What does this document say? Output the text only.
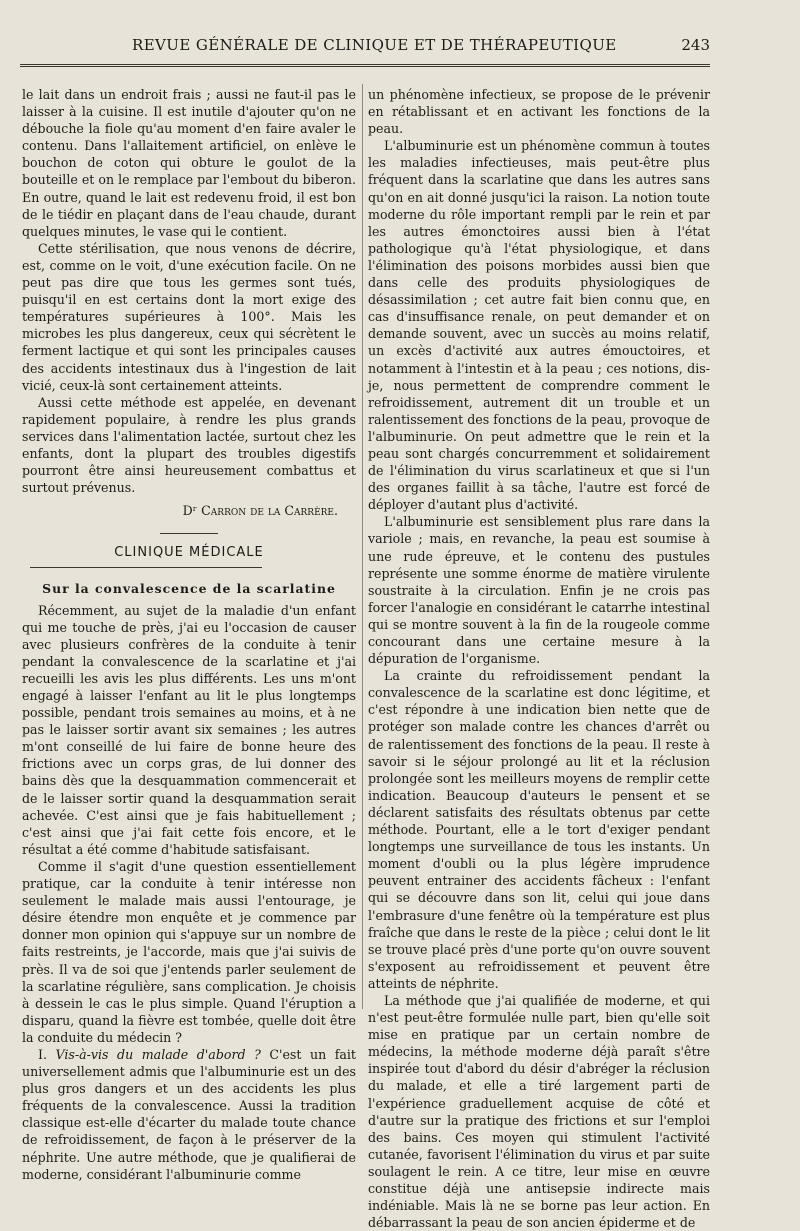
REVUE GÉNÉRALE DE CLINIQUE ET DE THÉRAPEUTIQUE	243

le lait dans un endroit frais ; aussi ne faut-il pas le laisser à la cuisine. Il est inutile d'ajouter qu'on ne débouche la fiole qu'au moment d'en faire avaler le contenu. Dans l'allaitement artificiel, on enlève le bouchon de coton qui obture le goulot de la bouteille et on le remplace par l'embout du biberon. En outre, quand le lait est redevenu froid, il est bon de le tiédir en plaçant dans de l'eau chaude, durant quelques minutes, le vase qui le contient.

Cette stérilisation, que nous venons de décrire, est, comme on le voit, d'une exécution facile. On ne peut pas dire que tous les germes sont tués, puisqu'il en est certains dont la mort exige des températures supérieures à 100°. Mais les microbes les plus dangereux, ceux qui sécrètent le ferment lactique et qui sont les principales causes des accidents intestinaux dus à l'ingestion de lait vicié, ceux-là sont certainement atteints.

Aussi cette méthode est appelée, en devenant rapidement populaire, à rendre les plus grands services dans l'alimentation lactée, surtout chez les enfants, dont la plupart des troubles digestifs pourront être ainsi heureusement combattus et surtout prévenus.

Dʳ Carron de la Carrère.
CLINIQUE MÉDICALE
Sur la convalescence de la scarlatine

Récemment, au sujet de la maladie d'un enfant qui me touche de près, j'ai eu l'occasion de causer avec plusieurs confrères de la conduite à tenir pendant la convalescence de la scarlatine et j'ai recueilli les avis les plus différents. Les uns m'ont engagé à laisser l'enfant au lit le plus longtemps possible, pendant trois semaines au moins, et à ne pas le laisser sortir avant six semaines ; les autres m'ont conseillé de lui faire de bonne heure des frictions avec un corps gras, de lui donner des bains dès que la desquammation commencerait et de le laisser sortir quand la desquammation serait achevée. C'est ainsi que je fais habituellement ; c'est ainsi que j'ai fait cette fois encore, et le résultat a été comme d'habitude satisfaisant.

Comme il s'agit d'une question essentiellement pratique, car la conduite à tenir intéresse non seulement le malade mais aussi l'entourage, je désire étendre mon enquête et je commence par donner mon opinion qui s'appuye sur un nombre de faits restreints, je l'accorde, mais que j'ai suivis de près. Il va de soi que j'entends parler seulement de la scarlatine régulière, sans complication. Je choisis à dessein le cas le plus simple. Quand l'éruption a disparu, quand la fièvre est tombée, quelle doit être la conduite du médecin ?

I. Vis-à-vis du malade d'abord ? C'est un fait universellement admis que l'albuminurie est un des plus gros dangers et un des accidents les plus fréquents de la convalescence. Aussi la tradition classique est-elle d'écarter du malade toute chance de refroidissement, de façon à le préserver de la néphrite. Une autre méthode, que je qualifierai de moderne, considérant l'albuminurie comme

un phénomène infectieux, se propose de le prévenir en rétablissant et en activant les fonctions de la peau.

L'albuminurie est un phénomène commun à toutes les maladies infectieuses, mais peut-être plus fréquent dans la scarlatine que dans les autres sans qu'on en ait donné jusqu'ici la raison. La notion toute moderne du rôle important rempli par le rein et par les autres émonctoires aussi bien à l'état pathologique qu'à l'état physiologique, et dans l'élimination des poisons morbides aussi bien que dans celle des produits physiologiques de désassimilation ; cet autre fait bien connu que, en cas d'insuffisance renale, on peut demander et on demande souvent, avec un succès au moins relatif, un excès d'activité aux autres émouctoires, et notamment à l'intestin et à la peau ; ces notions, dis-je, nous permettent de comprendre comment le refroidissement, autrement dit un trouble et un ralentissement des fonctions de la peau, provoque de l'albuminurie. On peut admettre que le rein et la peau sont chargés concurremment et solidairement de l'élimination du virus scarlatineux et que si l'un des organes faillit à sa tâche, l'autre est forcé de déployer d'autant plus d'activité.

L'albuminurie est sensiblement plus rare dans la variole ; mais, en revanche, la peau est soumise à une rude épreuve, et le contenu des pustules représente une somme énorme de matière virulente soustraite à la circulation. Enfin je ne crois pas forcer l'analogie en considérant le catarrhe intestinal qui se montre souvent à la fin de la rougeole comme concourant dans une certaine mesure à la dépuration de l'organisme.

La crainte du refroidissement pendant la convalescence de la scarlatine est donc légitime, et c'est répondre à une indication bien nette que de protéger son malade contre les chances d'arrêt ou de ralentissement des fonctions de la peau. Il reste à savoir si le séjour prolongé au lit et la réclusion prolongée sont les meilleurs moyens de remplir cette indication. Beaucoup d'auteurs le pensent et se déclarent satisfaits des résultats obtenus par cette méthode. Pourtant, elle a le tort d'exiger pendant longtemps une surveillance de tous les instants. Un moment d'oubli ou la plus légère imprudence peuvent entrainer des accidents fâcheux : l'enfant qui se découvre dans son lit, celui qui joue dans l'embrasure d'une fenêtre où la température est plus fraîche que dans le reste de la pièce ; celui dont le lit se trouve placé près d'une porte qu'on ouvre souvent s'exposent au refroidissement et peuvent être atteints de néphrite.

La méthode que j'ai qualifiée de moderne, et qui n'est peut-être formulée nulle part, bien qu'elle soit mise en pratique par un certain nombre de médecins, la méthode moderne déjà paraît s'être inspirée tout d'abord du désir d'abréger la réclusion du malade, et elle a tiré largement parti de l'expérience graduellement acquise de côté et d'autre sur la pratique des frictions et sur l'emploi des bains. Ces moyen qui stimulent l'activité cutanée, favorisent l'élimination du virus et par suite soulagent le rein. A ce titre, leur mise en œuvre constitue déjà une antisepsie indirecte mais indéniable. Mais là ne se borne pas leur action. En débarrassant la peau de son ancien épiderme et de
